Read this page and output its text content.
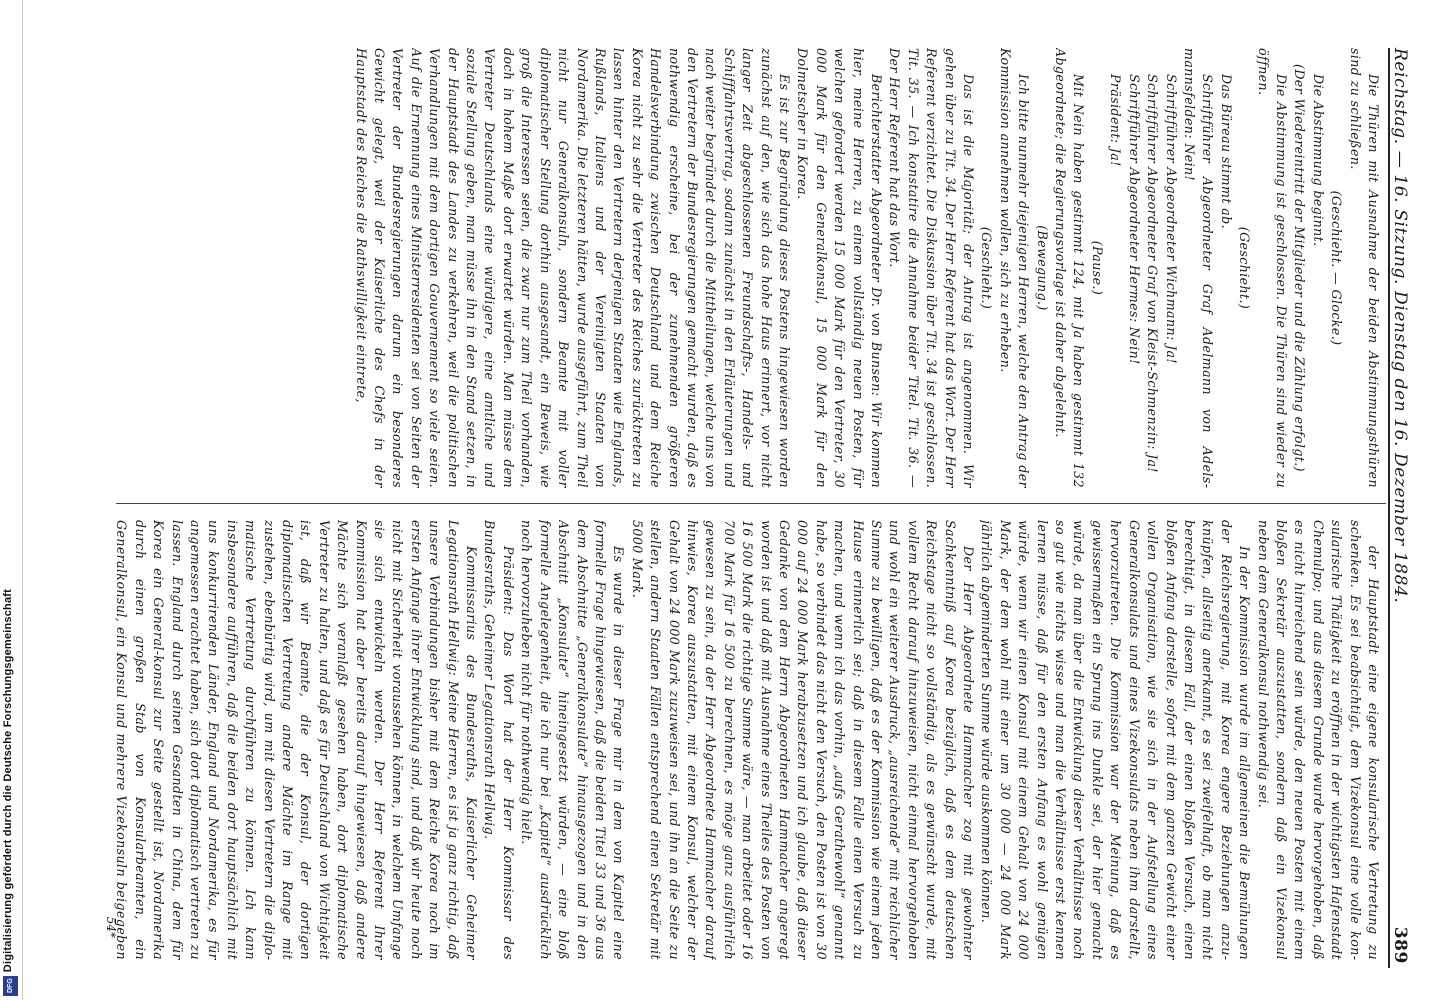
Digitalisierung gefördert durch die Deutsche Forschungsgemeinschaft
DFG
Reichstag. — 16. Sitzung. Dienstag den 16. Dezember 1884.
389

Die Thüren mit Ausnahme der beiden Abstimmungsthüren sind zu schließen.

(Geschieht. — Glocke.)

Die Abstimmung beginnt.

(Der Wiedereintritt der Mitglieder und die Zählung erfolgt.)

Die Abstimmung ist geschlossen. Die Thüren sind wieder zu öffnen.

(Geschieht.)

Das Büreau stimmt ab.

Schriftführer Abgeordneter Graf Adelmann von Adelsmannsfelden: Nein!

Schriftführer Abgeordneter Wichmann: Ja!

Schriftführer Abgeordneter Graf von Kleist-Schmenzin: Ja!

Schriftführer Abgeordneter Hermes: Nein!

Präsident: Ja!

(Pause.)

Mit Nein haben gestimmt 124, mit Ja haben gestimmt 132 Abgeordnete; die Regierungsvorlage ist daher abgelehnt.

(Bewegung.)

Ich bitte nunmehr diejenigen Herren, welche den Antrag der Kommission annehmen wollen, sich zu erheben.

(Geschieht.)

Das ist die Majorität; der Antrag ist angenommen. Wir gehen über zu Tit. 34. Der Herr Referent hat das Wort. Der Herr Referent verzichtet. Die Diskussion über Tit. 34 ist geschlossen. Tit. 35. — Ich konstatire die Annahme beider Titel. Tit. 36. — Der Herr Referent hat das Wort.

Berichterstatter Abgeordneter Dr. von Bunsen: Wir kommen hier, meine Herren, zu einem vollständig neuen Posten, für welchen gefordert werden 15 000 Mark für den Vertreter, 30 000 Mark für den Generalkonsul, 15 000 Mark für den Dolmetscher in Korea.

Es ist zur Begründung dieses Postens hingewiesen worden zunächst auf den, wie sich das hohe Haus erinnert, vor nicht langer Zeit abgeschlossenen Freundschafts-, Handels- und Schifffahrtsvertrag, sodann zunächst in den Erläuterungen und nach weiter begründet durch die Mittheilungen, welche uns von den Vertretern der Bundesregierungen gemacht wurden, daß es nothwendig erscheine, bei der zunehmenden größeren Handelsverbindung zwischen Deutschland und dem Reiche Korea nicht zu sehr die Vertreter des Reiches zurücktreten zu lassen hinter den Vertretern derjenigen Staaten wie Englands, Rußlands, Italiens und der Vereinigten Staaten von Nordamerika. Die letzteren hätten, wurde ausgeführt, zum Theil nicht nur Generalkonsuln, sondern Beamte mit voller diplomatischer Stellung dorthin ausgesandt, ein Beweis, wie groß die Interessen seien, die zwar nur zum Theil vorhanden, doch in hohem Maße dort erwartet würden. Man müsse dem Vertreter Deutschlands eine würdigere, eine amtliche und soziale Stellung geben, man müsse ihn in den Stand setzen, in der Hauptstadt des Landes zu verkehren, weil die politischen Verhandlungen mit dem dortigen Gouvernement so viele seien. Auf die Ernennung eines Ministerresidenten sei von Seiten der Vertreter der Bundesregierungen darum ein besonderes Gewicht gelegt, weil der Kaiserliche des Chefs in der Hauptstadt des Reiches die Rathswilligkeit eintrete,

der Hauptstadt eine eigene konsularische Vertretung zu schenken. Es sei beabsichtigt, dem Vizekonsul eine volle konsularische Thätigkeit zu eröffnen in der wichtigsten Hafenstadt Chemulpo; und aus diesem Grunde wurde hervorgehoben, daß es nicht hinreichend sein würde, den neuen Posten mit einem bloßen Sekretär auszustatten, sondern daß ein Vizekonsul neben dem Generalkonsul nothwendig sei.

In der Kommission wurde im allgemeinen die Bemühungen der Reichsregierung, mit Korea engere Beziehungen anzuknüpfen, allseitig anerkannt, es sei zweifelhaft, ob man nicht berechtigt, in diesem Fall, der einen bloßen Versuch, einen bloßen Anfang darstelle, sofort mit dem ganzen Gewicht einer vollen Organisation, wie sie sich in der Aufstellung eines Generalkonsulats und eines Vizekonsulats neben ihm darstellt, hervorzutreten. Die Kommission war der Meinung, daß es gewissermaßen ein Sprung ins Dunkle sei, der hier gemacht würde, da man über die Entwicklung dieser Verhältnisse noch so gut wie nichts wisse und man die Verhältnisse erst kennen lernen müsse, daß für den ersten Anfang es wohl genügen würde, wenn wir einen Konsul mit einem Gehalt von 24 000 Mark, der dem wohl mit einer um 30 000 — 24 000 Mark jährlich abgeminderten Summe würde auskommen können.

Der Herr Abgeordnete Hammacher zog mit gewohnter Sachkenntniß auf Korea bezüglich, daß es dem deutschen Reichstage nicht so vollständig, als es gewünscht wurde, mit vollem Recht darauf hinzuweisen, nicht einmal hervorgehoben und wohl ein weiterer Ausdruck, „ausreichende“ mit reichlicher Summe zu bewilligen, daß es der Kommission wie einem jeden Hause erinnerlich sei; daß in diesem Falle einen Versuch zu machen, und wenn ich das vorhin, „aufs Gerathewohl“ genannt habe, so verbindet das nicht den Versuch, den Posten ist von 30 000 auf 24 000 Mark herabzusetzen und ich glaube, daß dieser Gedanke von dem Herrn Abgeordneten Hammacher angeregt worden ist und daß mit Ausnahme eines Theiles des Posten von 16 500 Mark die richtige Summe wäre, — man arbeitet oder 16 700 Mark für 16 500 zu berechnen, es möge ganz ausführlich gewesen zu sein, da der Herr Abgeordnete Hammacher darauf hinwies, Korea auszustatten, mit einem Konsul, welcher der Gehalt von 24 000 Mark zuzuweisen sei, und ihn an die Seite zu stellen, andern Staaten Fällen entsprechend einen Sekretär mit 5000 Mark.

Es wurde in dieser Frage mir in dem von Kapitel eine formelle Frage hingewiesen, daß die beiden Titel 33 und 36 aus dem Abschnitte „Generalkonsulate“ hinausgezogen und in den Abschnitt „Konsulate“ hineingesetzt würden, — eine bloß formelle Angelegenheit, die ich nur bei „Kapitel“ ausdrücklich noch hervorzuheben nicht für nothwendig hielt.

Präsident: Das Wort hat der Herr Kommissar des Bundesraths, Geheimer Legationsrath Hellwig.

Kommissarius des Bundesraths, Kaiserlicher Geheimer Legationsrath Hellwig: Meine Herren, es ist ja ganz richtig, daß unsere Verbindungen bisher mit dem Reiche Korea noch im ersten Anfange ihrer Entwicklung sind, und daß wir heute noch nicht mit Sicherheit voraussehen können, in welchem Umfange sie sich entwickeln werden. Der Herr Referent Ihrer Kommission hat aber bereits darauf hingewiesen, daß andere Mächte sich veranlaßt gesehen haben, dort diplomatische Vertreter zu halten, und daß es für Deutschland von Wichtigkeit ist, daß wir Beamte, die der Konsul, der dortigen diplomatischen Vertretung andere Mächte im Range mit zustehen, ebenbürtig wird, um mit diesen Vertretern die diplomatische Vertretung durchführen zu können. Ich kann insbesondere aufführen, daß die beiden dort hauptsächlich mit uns konkurrirenden Länder, England und Nordamerika, es für angemessen erachtet haben, sich dort diplomatisch vertreten zu lassen. England durch seinen Gesandten in China, dem für Korea ein General-konsul zur Seite gestellt ist, Nordamerika durch einen großen Stab von Konsularbeamten, ein Generalkonsul, ein Konsul und mehrere Vizekonsuln beigegeben

54*
